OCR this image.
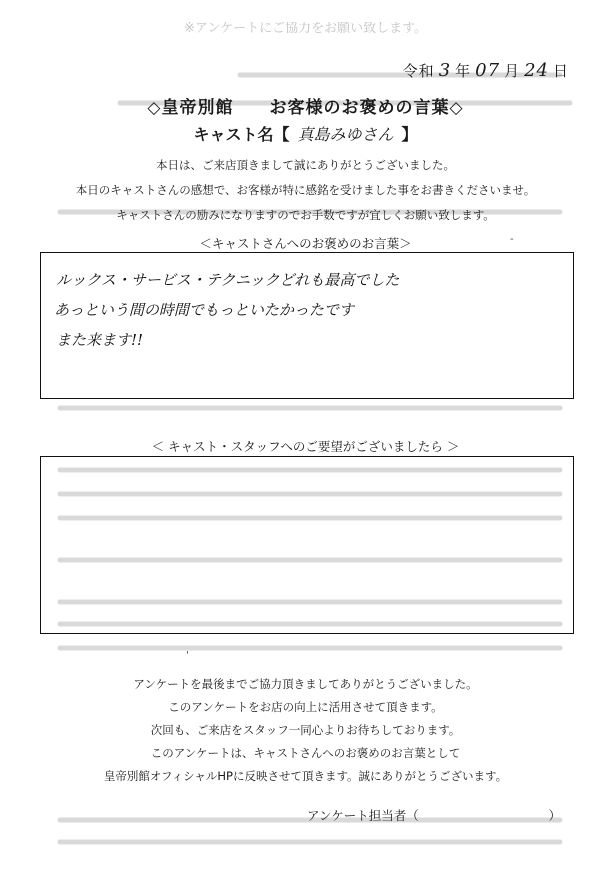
※アンケートにご協力をお願い致します。
令和 3 年 07 月 24 日
◇皇帝別館　　お客様のお褒めの言葉◇
キャスト名【 真島みゆさん 】
本日は、ご来店頂きまして誠にありがとうございました。
本日のキャストさんの感想で、お客様が特に感銘を受けました事をお書きくださいませ。
キャストさんの励みになりますのでお手数ですが宜しくお願い致します。
＜キャストさんへのお褒めのお言葉＞	-
ルックス・サービス・テクニックどれも最高でした
あっという間の時間でもっといたかったです
また来ます!!
＜ キャスト・スタッフへのご要望がございましたら ＞
'
アンケートを最後までご協力頂きましてありがとうございました。
このアンケートをお店の向上に活用させて頂きます。
次回も、ご来店をスタッフ一同心よりお待ちしております。
このアンケートは、キャストさんへのお褒めのお言葉として
皇帝別館オフィシャルHPに反映させて頂きます。誠にありがとうございます。
アンケート担当者（	）
